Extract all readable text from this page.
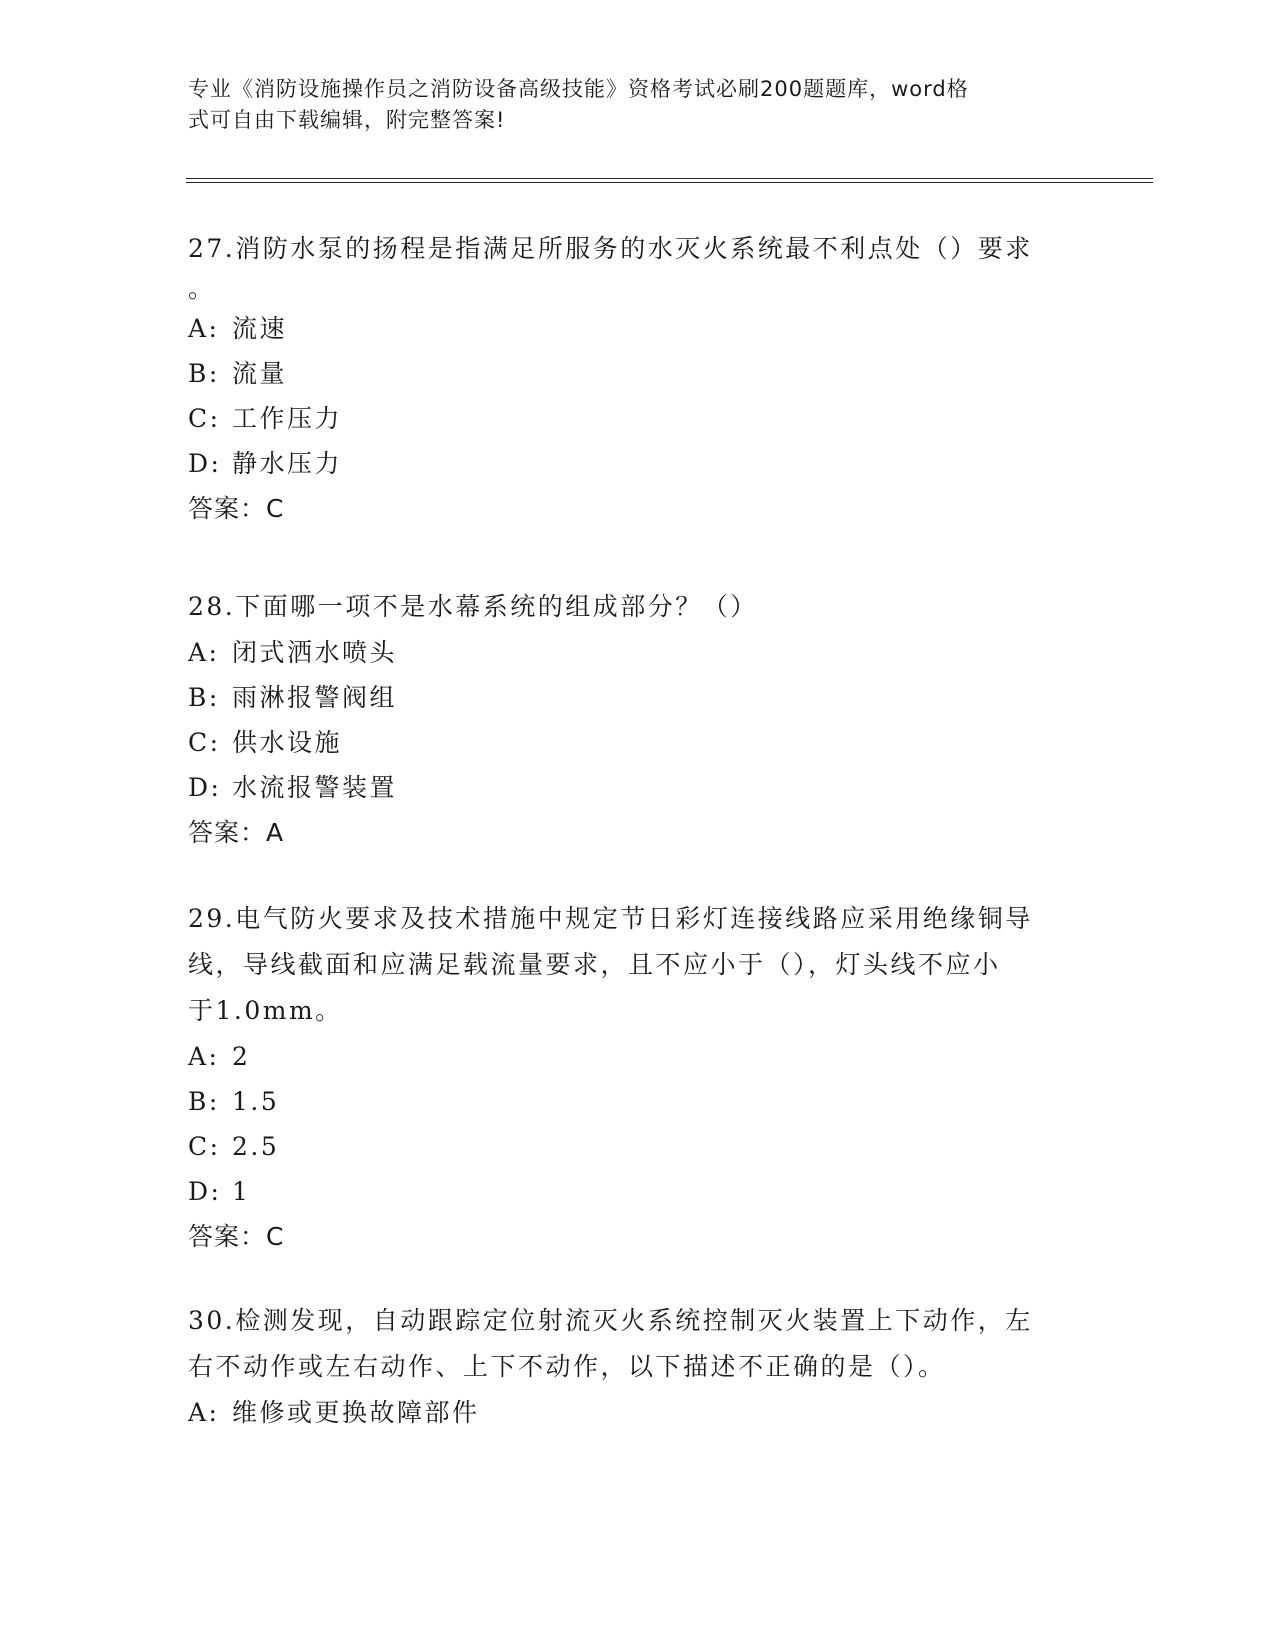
专业《消防设施操作员之消防设备高级技能》资格考试必刷200题题库，word格
式可自由下载编辑，附完整答案!

27.消防水泵的扬程是指满足所服务的水灭火系统最不利点处（）要求

。

A: 流速
B: 流量
C: 工作压力
D: 静水压力

答案：C

28.下面哪一项不是水幕系统的组成部分？（）

A: 闭式洒水喷头
B: 雨淋报警阀组
C: 供水设施
D: 水流报警装置

答案：A

29.电气防火要求及技术措施中规定节日彩灯连接线路应采用绝缘铜导

线，导线截面和应满足载流量要求，且不应小于（），灯头线不应小

于1.0mm。

A: 2
B: 1.5
C: 2.5
D: 1

答案：C

30.检测发现，自动跟踪定位射流灭火系统控制灭火装置上下动作，左

右不动作或左右动作、上下不动作，以下描述不正确的是（）。

A: 维修或更换故障部件
